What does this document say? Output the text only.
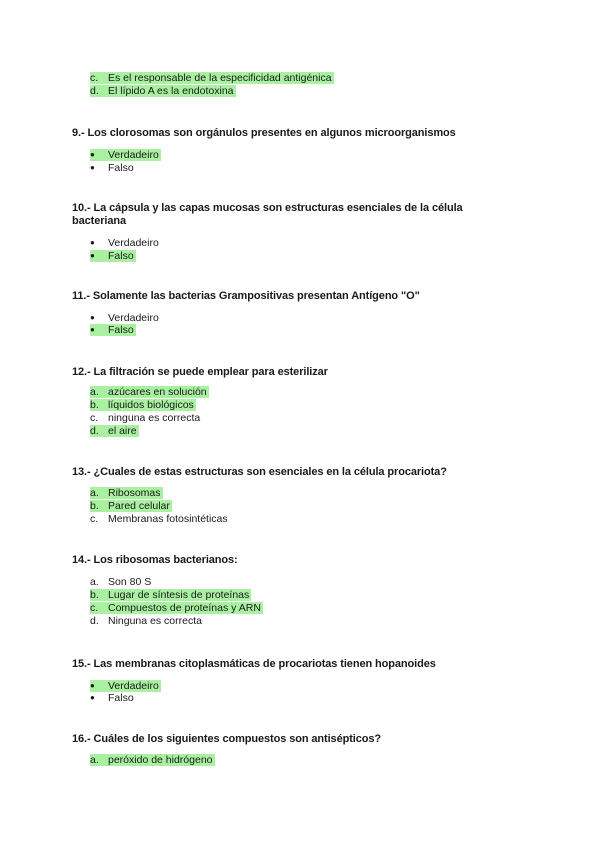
c. Es el responsable de la especificidad antigénica
d. El lípido A es la endotoxina
9.- Los clorosomas son orgánulos presentes en algunos microorganismos
● Verdadeiro
● Falso
10.- La cápsula y las capas mucosas son estructuras esenciales de la célula
bacteriana
● Verdadeiro
● Falso
11.- Solamente las bacterias Grampositivas presentan Antígeno "O"
● Verdadeiro
● Falso
12.- La filtración se puede emplear para esterilizar
a. azúcares en solución
b. líquidos biológicos
c. ninguna es correcta
d. el aire
13.- ¿Cuales de estas estructuras son esenciales en la célula procariota?
a. Ribosomas
b. Pared celular
c. Membranas fotosintéticas
14.- Los ribosomas bacterianos:
a. Son 80 S
b. Lugar de síntesis de proteínas
c. Compuestos de proteínas y ARN
d. Ninguna es correcta
15.- Las membranas citoplasmáticas de procariotas tienen hopanoides
● Verdadeiro
● Falso
16.- Cuáles de los siguientes compuestos son antisépticos?
a. peróxido de hidrógeno
